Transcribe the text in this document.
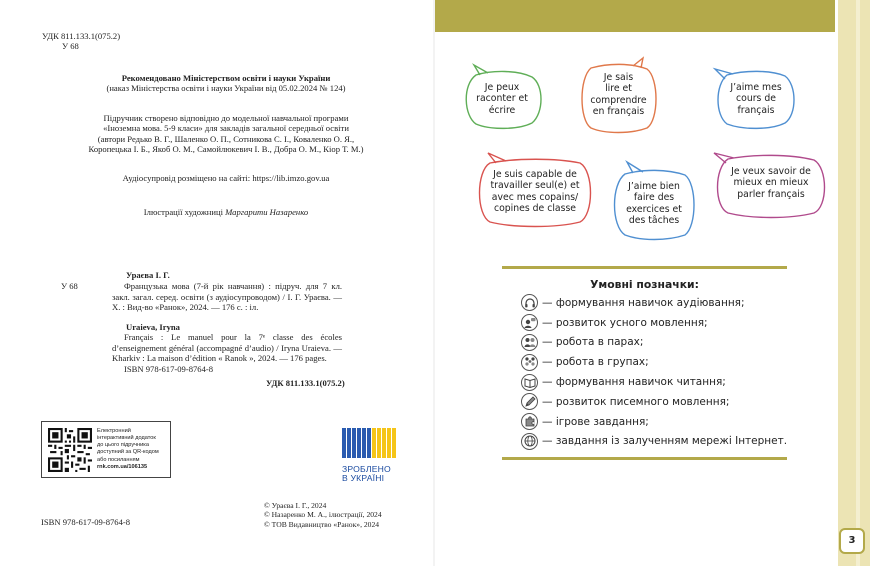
УДК 811.133.1(075.2)
У 68
Рекомендовано Міністерством освіти і науки України
(наказ Міністерства освіти і науки України від 05.02.2024 № 124)
Підручник створено відповідно до модельної навчальної програми
«Іноземна мова. 5-9 класи» для закладів загальної середньої освіти
(автори Редько В. Г., Шаленко О. П., Сотникова С. І., Коваленко О. Я.,
Коропецька І. Б., Якоб О. М., Самойлюкевич І. В., Добра О. М., Кіор Т. М.)
Аудіосупровід розміщено на сайті: https://lib.imzo.gov.ua
Ілюстрації художниці Маргарити Назаренко
Ураєва І. Г.
У 68	Французька мова (7-й рік навчання) : підруч. для 7 кл. закл. загал. серед. освіти (з аудіосупроводом) / І. Г. Ураєва. — Х. : Вид-во «Ранок», 2024. — 176 с. : іл.
Uraieva, Iryna
Français : Le manuel pour la 7ᵉ classe des écoles d’enseignement général (accompagné d’audio) / Iryna Uraieva. — Kharkiv : La maison d’édition « Ranok », 2024. — 176 pages.
ISBN 978-617-09-8764-8
УДК 811.133.1(075.2)
Електронний
інтерактивний додаток
до цього підручника
доступний за QR-кодом
або посиланням
rnk.com.ua/106135	ЗРОБЛЕНО
В УКРАЇНІ
© Ураєва І. Г., 2024
© Назаренко М. А., ілюстрації, 2024
© ТОВ Видавництво «Ранок», 2024
ISBN 978-617-09-8764-8
Je peux
raconter et
écrire
Je sais
lire et
comprendre
en français
J’aime mes
cours de
français
Je suis capable de
travailler seul(e) et
avec mes copains/
copines de classe
J’aime bien
faire des
exercices et
des tâches
Je veux savoir de
mieux en mieux
parler français
Умовні позначки:
— формування навичок аудіювання;
— розвиток усного мовлення;
— робота в парах;
— робота в групах;
— формування навичок читання;
— розвиток писемного мовлення;
— ігрове завдання;
— завдання із залученням мережі Інтернет.
3
